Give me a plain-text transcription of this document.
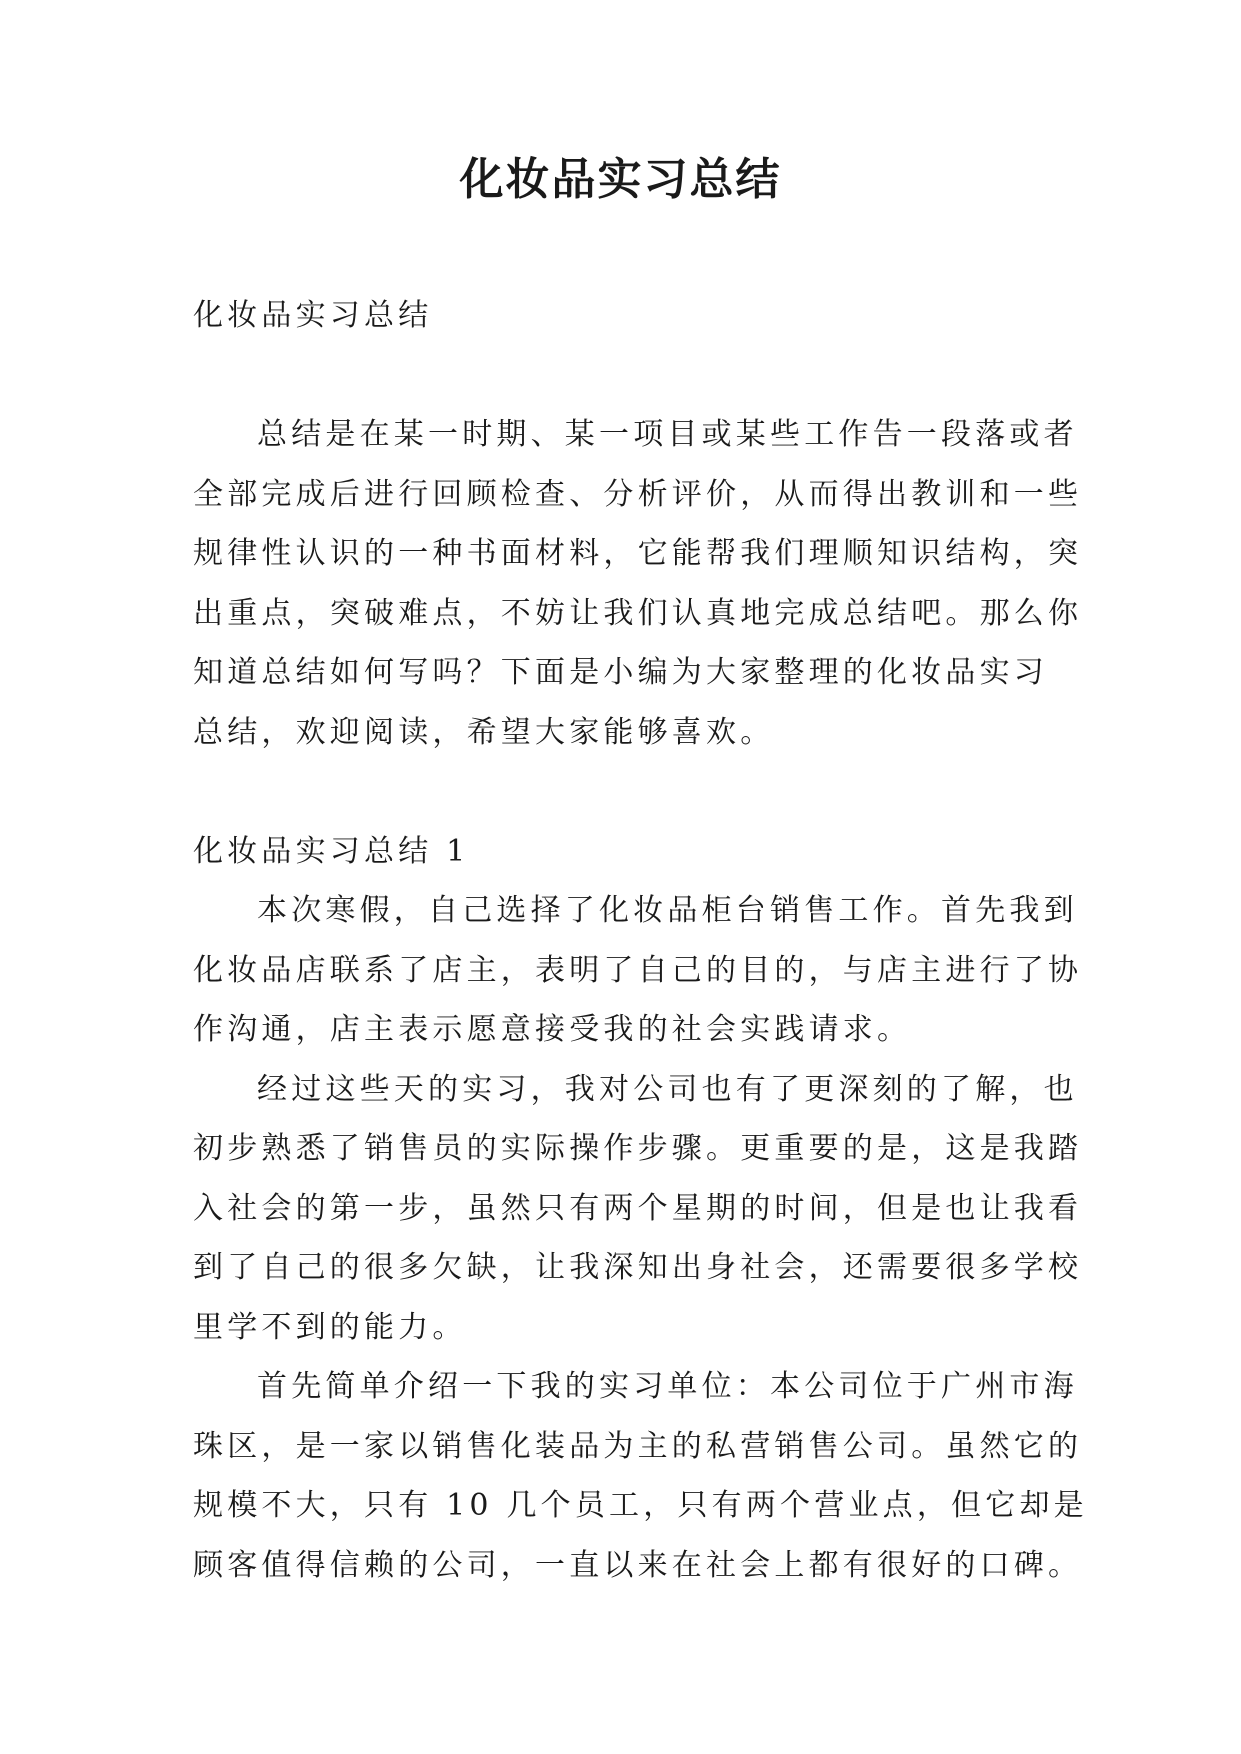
化妆品实习总结
化妆品实习总结
总结是在某一时期、某一项目或某些工作告一段落或者
全部完成后进行回顾检查、分析评价，从而得出教训和一些
规律性认识的一种书面材料，它能帮我们理顺知识结构，突
出重点，突破难点，不妨让我们认真地完成总结吧。那么你
知道总结如何写吗？下面是小编为大家整理的化妆品实习
总结，欢迎阅读，希望大家能够喜欢。
化妆品实习总结 1
本次寒假，自己选择了化妆品柜台销售工作。首先我到
化妆品店联系了店主，表明了自己的目的，与店主进行了协
作沟通，店主表示愿意接受我的社会实践请求。
经过这些天的实习，我对公司也有了更深刻的了解，也
初步熟悉了销售员的实际操作步骤。更重要的是，这是我踏
入社会的第一步，虽然只有两个星期的时间，但是也让我看
到了自己的很多欠缺，让我深知出身社会，还需要很多学校
里学不到的能力。
首先简单介绍一下我的实习单位：本公司位于广州市海
珠区，是一家以销售化装品为主的私营销售公司。虽然它的
规模不大，只有 10 几个员工，只有两个营业点，但它却是
顾客值得信赖的公司，一直以来在社会上都有很好的口碑。
